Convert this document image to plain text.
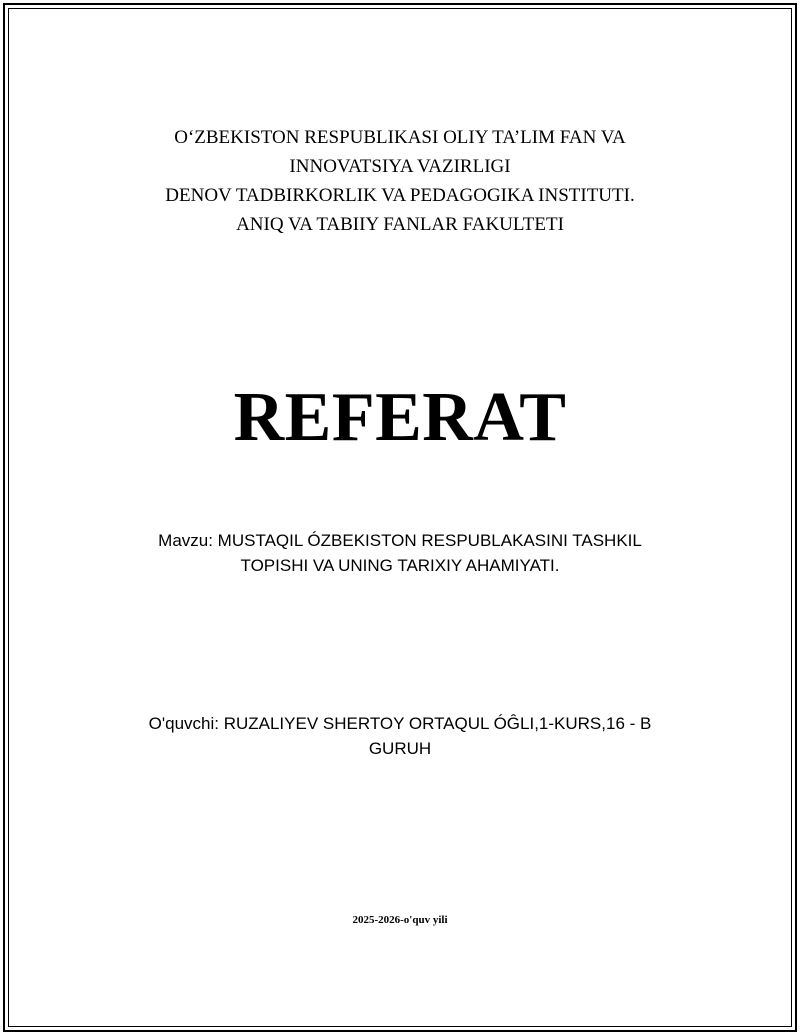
O‘ZBEKISTON RESPUBLIKASI OLIY TA’LIM FAN VA
INNOVATSIYA VAZIRLIGI
DENOV TADBIRKORLIK VA PEDAGOGIKA INSTITUTI.
ANIQ VA TABIIY FANLAR FAKULTETI
REFERAT
Mavzu: MUSTAQIL ÓZBEKISTON RESPUBLAKASINI TASHKIL
TOPISHI VA UNING TARIXIY AHAMIYATI.
O'quvchi: RUZALIYEV SHERTOY ORTAQUL ÓĜLI,1-KURS,16 - B
GURUH
2025-2026-o'quv yili
